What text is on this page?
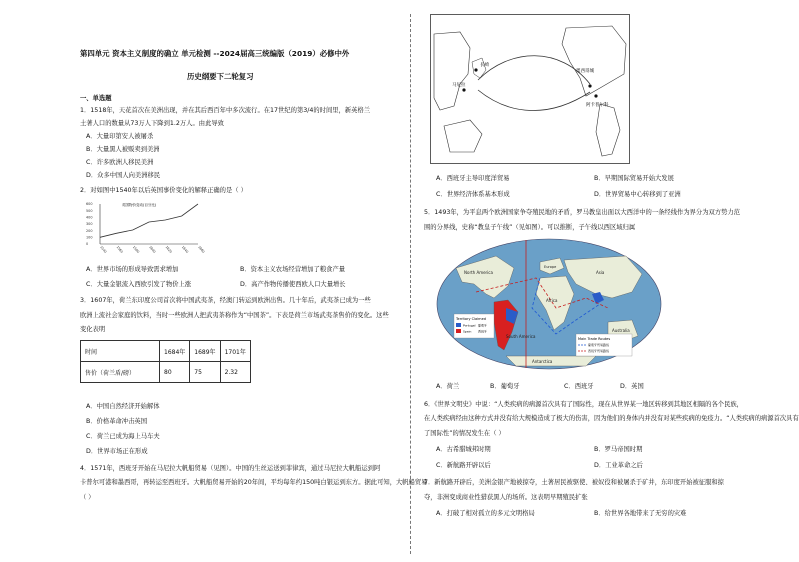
第四单元 资本主义制度的确立 单元检测 --2024届高三统编版（2019）必修中外
历史纲要下二轮复习
一、单选题
1．1518年，天花首次在美洲出现，并在其后西百年中多次流行。在17世纪的第3/4的时间里，新英格兰
土著人口的数量从73万人下降到1.2万人。由此导致
A．大量印第安人被屠杀
B．大量黑人被贩卖到美洲
C．许多欧洲人移民美洲
D．众多中国人向美洲移民
2．对如图中1540年以后英国事价变化的解释正确的是（ ）
600
500
400
300
200
100
0
1540	1560	1580	1600	1620	1640	1660
英国物价变动(百分比)
A．世界市场的形成导致需求增加	B．资本主义农场经营增加了粮食产量
C．大量金银流入西欧引发了物价上涨	D．高产作物传播使西欧人口大量增长
3．1607年，荷兰东印度公司首次将中国武夷茶，经澳门转运到欧洲出售。几十年后，武夷茶已成为一些
欧洲上流社会家庭的饮料，当时一些欧洲人把武夷茶称作为“中国茶”。下表是荷兰市场武夷茶售价的变化。这些
变化表明
时间	1684年	1689年	1701年
售价（荷兰盾/磅）	80	75	2.32
A．中国自然经济开始解体
B．价格革命冲击英国
C．荷兰已成为海上马车夫
D．世界市场正在形成
4．1571年，西班牙开始在马尼拉大帆船贸易（见图）。中国的生丝运送到菲律宾，通过马尼拉大帆船运到阿
卡普尔可港和墨西哥，再转运至西班牙。大帆船贸易开始的20年间，平均每年约150吨白银运到东方。据此可知，大帆船贸易
（ ）
马尼拉
墨西哥城
长崎
阿卡普尔科
A．西班牙主导印度洋贸易	B．早期国际贸易开始大发展
C．世界经济体系基本形成	D．世界贸易中心转移到了亚洲
5．1493年，为平息两个欧洲国家争夺殖民地的矛盾，罗马教皇出面以大西洋中的一条经线作为界分为双方势力范
围的分界线，史称“教皇子午线”（见如图）。可以推断，子午线以西区域归属
North America
South America
Africa
Asia
Australia
Europe
Antarctica
Territory Claimed
Portugal 葡萄牙
Spain 西班牙
Main Trade Routes
葡萄牙贸易路线
西班牙贸易路线
A．荷兰	B．葡萄牙	C．西班牙	D．英国
6．《世界文明史》中说：“人类疾病的病源首次具有了国际性，现在从世界某一地区转移到其地区相隔的各个民族，
在人类疾病经由这种方式并没有给大规模造成了极大的伤害，因为他们的身体内并没有对某些疾病的免疫力。“人类疾病的病源首次具有
了国际性”的情况发生在（ ）
A．古希腊城邦时期	B．罗马帝国时期
C．新航路开辟以后	D．工业革命之后
7．新航路开辟后，美洲金银产地被掠夺，土著居民被驱使、被奴役和被屠杀于矿井，东印度开始被征服和掠
夺，非洲变成商业性猎获黑人的场所。这表明早期殖民扩张
A．打破了相对孤立的多元文明格局	B．给世界各地带来了无穷的灾难
